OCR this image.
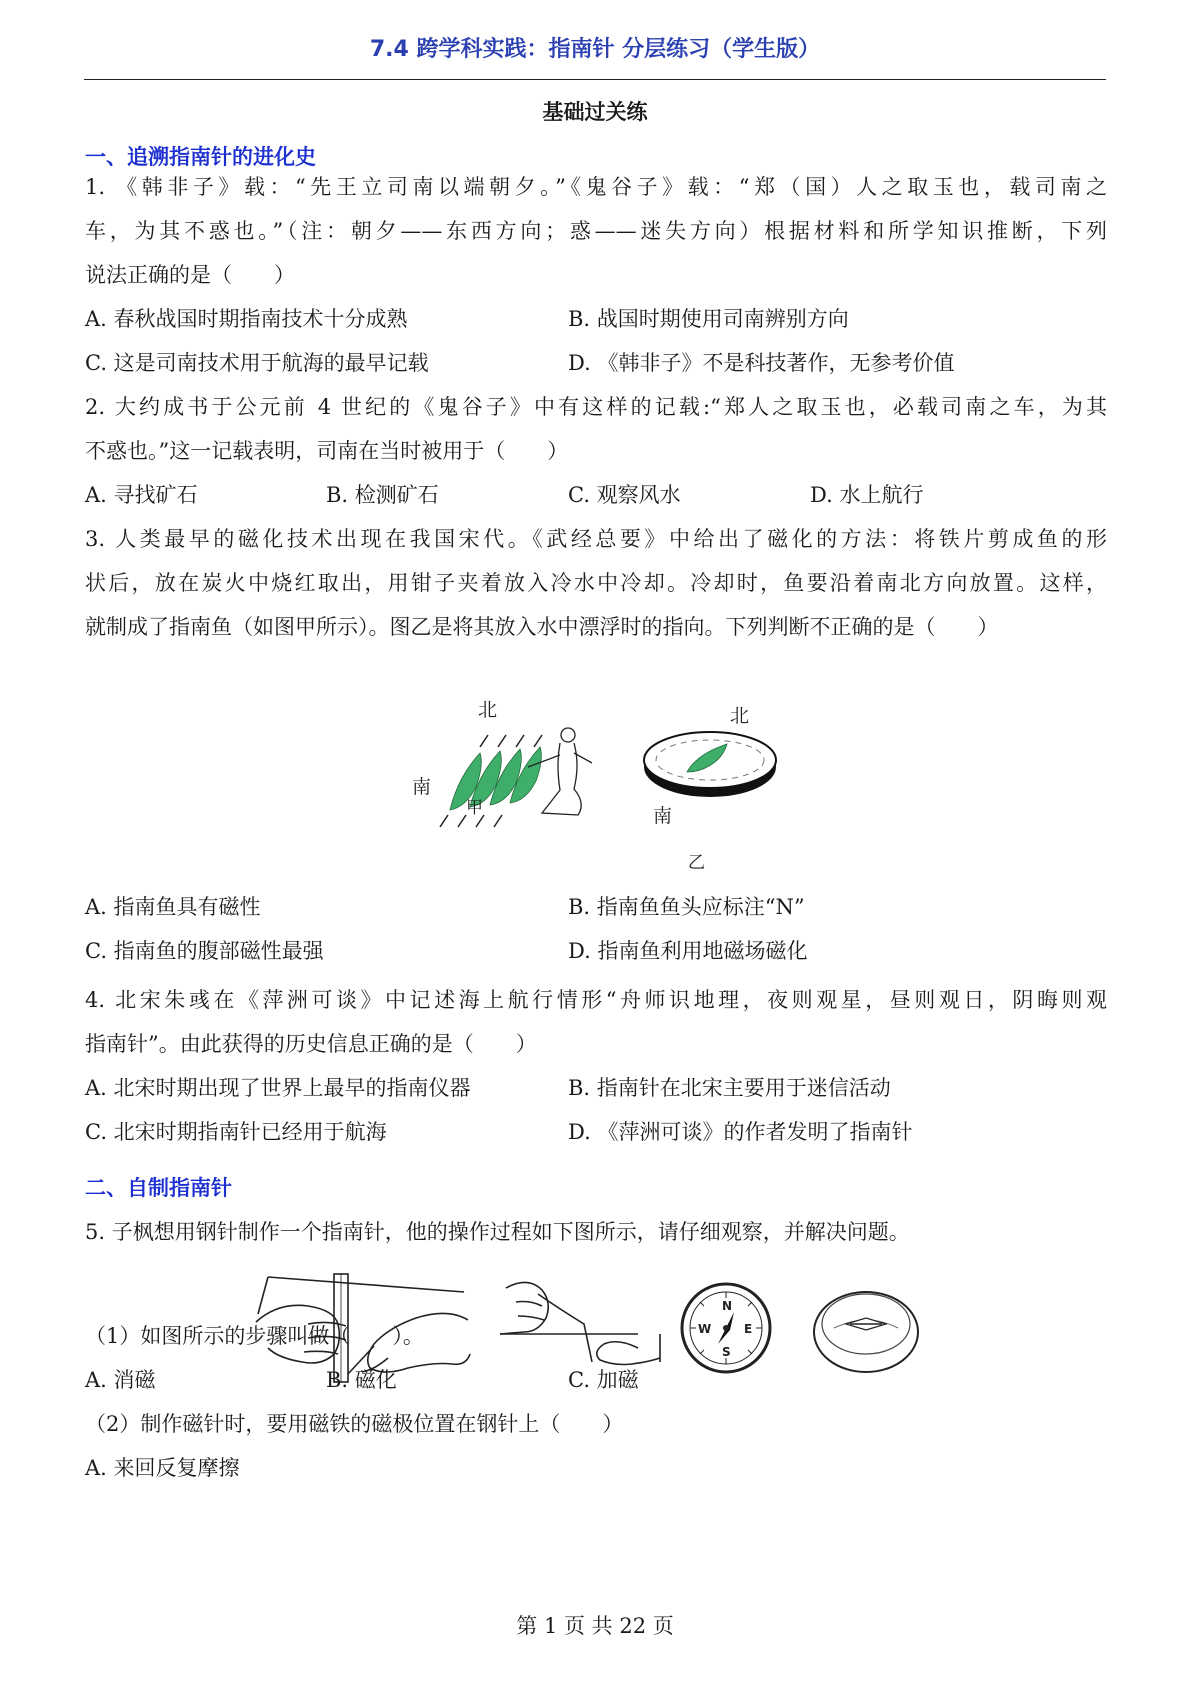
7.4 跨学科实践：指南针 分层练习（学生版）
基础过关练
一、追溯指南针的进化史
1. 《韩非子》载：“先王立司南以端朝夕。”《鬼谷子》载：“郑（国）人之取玉也，载司南之
车，为其不惑也。”（注：朝夕——东西方向；惑——迷失方向）根据材料和所学知识推断，下列
说法正确的是（　　）
A. 春秋战国时期指南技术十分成熟	B. 战国时期使用司南辨别方向
C. 这是司南技术用于航海的最早记载	D. 《韩非子》不是科技著作，无参考价值
2. 大约成书于公元前 4 世纪的《鬼谷子》中有这样的记载:“郑人之取玉也，必载司南之车，为其
不惑也。”这一记载表明，司南在当时被用于（　　）
A. 寻找矿石	B. 检测矿石	C. 观察风水	D. 水上航行
3. 人类最早的磁化技术出现在我国宋代。《武经总要》中给出了磁化的方法：将铁片剪成鱼的形
状后，放在炭火中烧红取出，用钳子夹着放入冷水中冷却。冷却时，鱼要沿着南北方向放置。这样，
就制成了指南鱼（如图甲所示）。图乙是将其放入水中漂浮时的指向。下列判断不正确的是（　　）
北
南
甲
北
南
乙
A. 指南鱼具有磁性	B. 指南鱼鱼头应标注“N”
C. 指南鱼的腹部磁性最强	D. 指南鱼利用地磁场磁化
4. 北宋朱彧在《萍洲可谈》中记述海上航行情形“舟师识地理，夜则观星，昼则观日，阴晦则观
指南针”。由此获得的历史信息正确的是（　　）
A. 北宋时期出现了世界上最早的指南仪器	B. 指南针在北宋主要用于迷信活动
C. 北宋时期指南针已经用于航海	D. 《萍洲可谈》的作者发明了指南针
二、自制指南针
5. 子枫想用钢针制作一个指南针，他的操作过程如下图所示，请仔细观察，并解决问题。
N
E
S
W
（1）如图所示的步骤叫做（　　）。
A. 消磁	B. 磁化	C. 加磁
（2）制作磁针时，要用磁铁的磁极位置在钢针上（　　）
A. 来回反复摩擦
第 1 页 共 22 页
